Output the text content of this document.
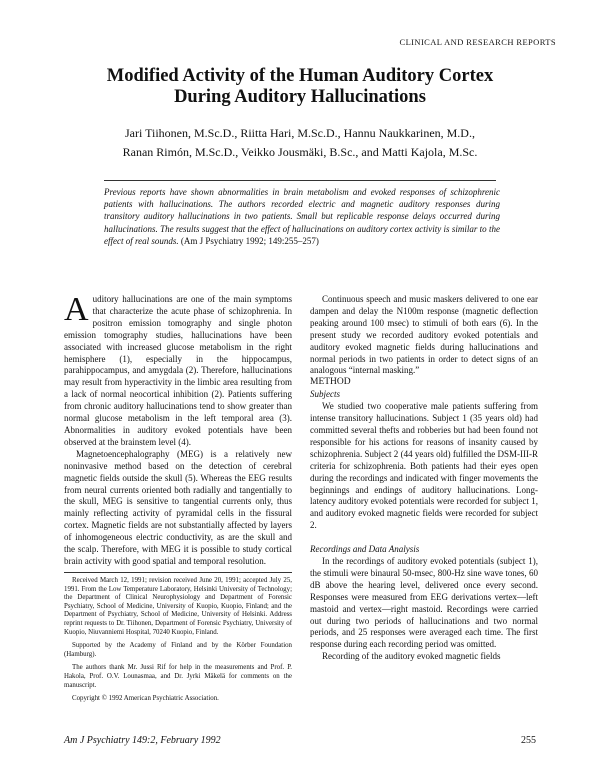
CLINICAL AND RESEARCH REPORTS
Modified Activity of the Human Auditory Cortex
During Auditory Hallucinations
Jari Tiihonen, M.Sc.D., Riitta Hari, M.Sc.D., Hannu Naukkarinen, M.D.,
Ranan Rimón, M.Sc.D., Veikko Jousmäki, B.Sc., and Matti Kajola, M.Sc.
Previous reports have shown abnormalities in brain metabolism and evoked responses of schizophrenic patients with hallucinations. The authors recorded electric and magnetic auditory responses during transitory auditory hallucinations in two patients. Small but replicable response delays occurred during hallucinations. The results suggest that the effect of hallucinations on auditory cortex activity is similar to the effect of real sounds. (Am J Psychiatry 1992; 149:255–257)

Auditory hallucinations are one of the main symptoms that characterize the acute phase of schizophrenia. In positron emission tomography and single photon emission tomography studies, hallucinations have been associated with increased glucose metabolism in the right hemisphere (1), especially in the hippocampus, parahippocampus, and amygdala (2). Therefore, hallucinations may result from hyperactivity in the limbic area resulting from a lack of normal neocortical inhibition (2). Patients suffering from chronic auditory hallucinations tend to show greater than normal glucose metabolism in the left temporal area (3). Abnormalities in auditory evoked potentials have been observed at the brainstem level (4).

Magnetoencephalography (MEG) is a relatively new noninvasive method based on the detection of cerebral magnetic fields outside the skull (5). Whereas the EEG results from neural currents oriented both radially and tangentially to the skull, MEG is sensitive to tangential currents only, thus mainly reflecting activity of pyramidal cells in the fissural cortex. Magnetic fields are not substantially affected by layers of inhomogeneous electric conductivity, as are the skull and the scalp. Therefore, with MEG it is possible to study cortical brain activity with good spatial and temporal resolution.

Received March 12, 1991; revision received June 20, 1991; accepted July 25, 1991. From the Low Temperature Laboratory, Helsinki University of Technology; the Department of Clinical Neurophysiology and Department of Forensic Psychiatry, School of Medicine, University of Kuopio, Kuopio, Finland; and the Department of Psychiatry, School of Medicine, University of Helsinki. Address reprint requests to Dr. Tiihonen, Department of Forensic Psychiatry, University of Kuopio, Niuvanniemi Hospital, 70240 Kuopio, Finland.

Supported by the Academy of Finland and by the Körber Foundation (Hamburg).

The authors thank Mr. Jussi Rif for help in the measurements and Prof. P. Hakola, Prof. O.V. Lounasmaa, and Dr. Jyrki Mäkelä for comments on the manuscript.

Copyright © 1992 American Psychiatric Association.

Continuous speech and music maskers delivered to one ear dampen and delay the N100m response (magnetic deflection peaking around 100 msec) to stimuli of both ears (6). In the present study we recorded auditory evoked potentials and auditory evoked magnetic fields during hallucinations and normal periods in two patients in order to detect signs of an analogous “internal masking.”

METHOD

Subjects

We studied two cooperative male patients suffering from intense transitory hallucinations. Subject 1 (35 years old) had committed several thefts and robberies but had been found not responsible for his actions for reasons of insanity caused by schizophrenia. Subject 2 (44 years old) fulfilled the DSM-III-R criteria for schizophrenia. Both patients had their eyes open during the recordings and indicated with finger movements the beginnings and endings of auditory hallucinations. Long-latency auditory evoked potentials were recorded for subject 1, and auditory evoked magnetic fields were recorded for subject 2.

Recordings and Data Analysis

In the recordings of auditory evoked potentials (subject 1), the stimuli were binaural 50-msec, 800-Hz sine wave tones, 60 dB above the hearing level, delivered once every second. Responses were measured from EEG derivations vertex—left mastoid and vertex—right mastoid. Recordings were carried out during two periods of hallucinations and two normal periods, and 25 responses were averaged each time. The first response during each recording period was omitted.

Recording of the auditory evoked magnetic fields

Am J Psychiatry 149:2, February 1992	255
